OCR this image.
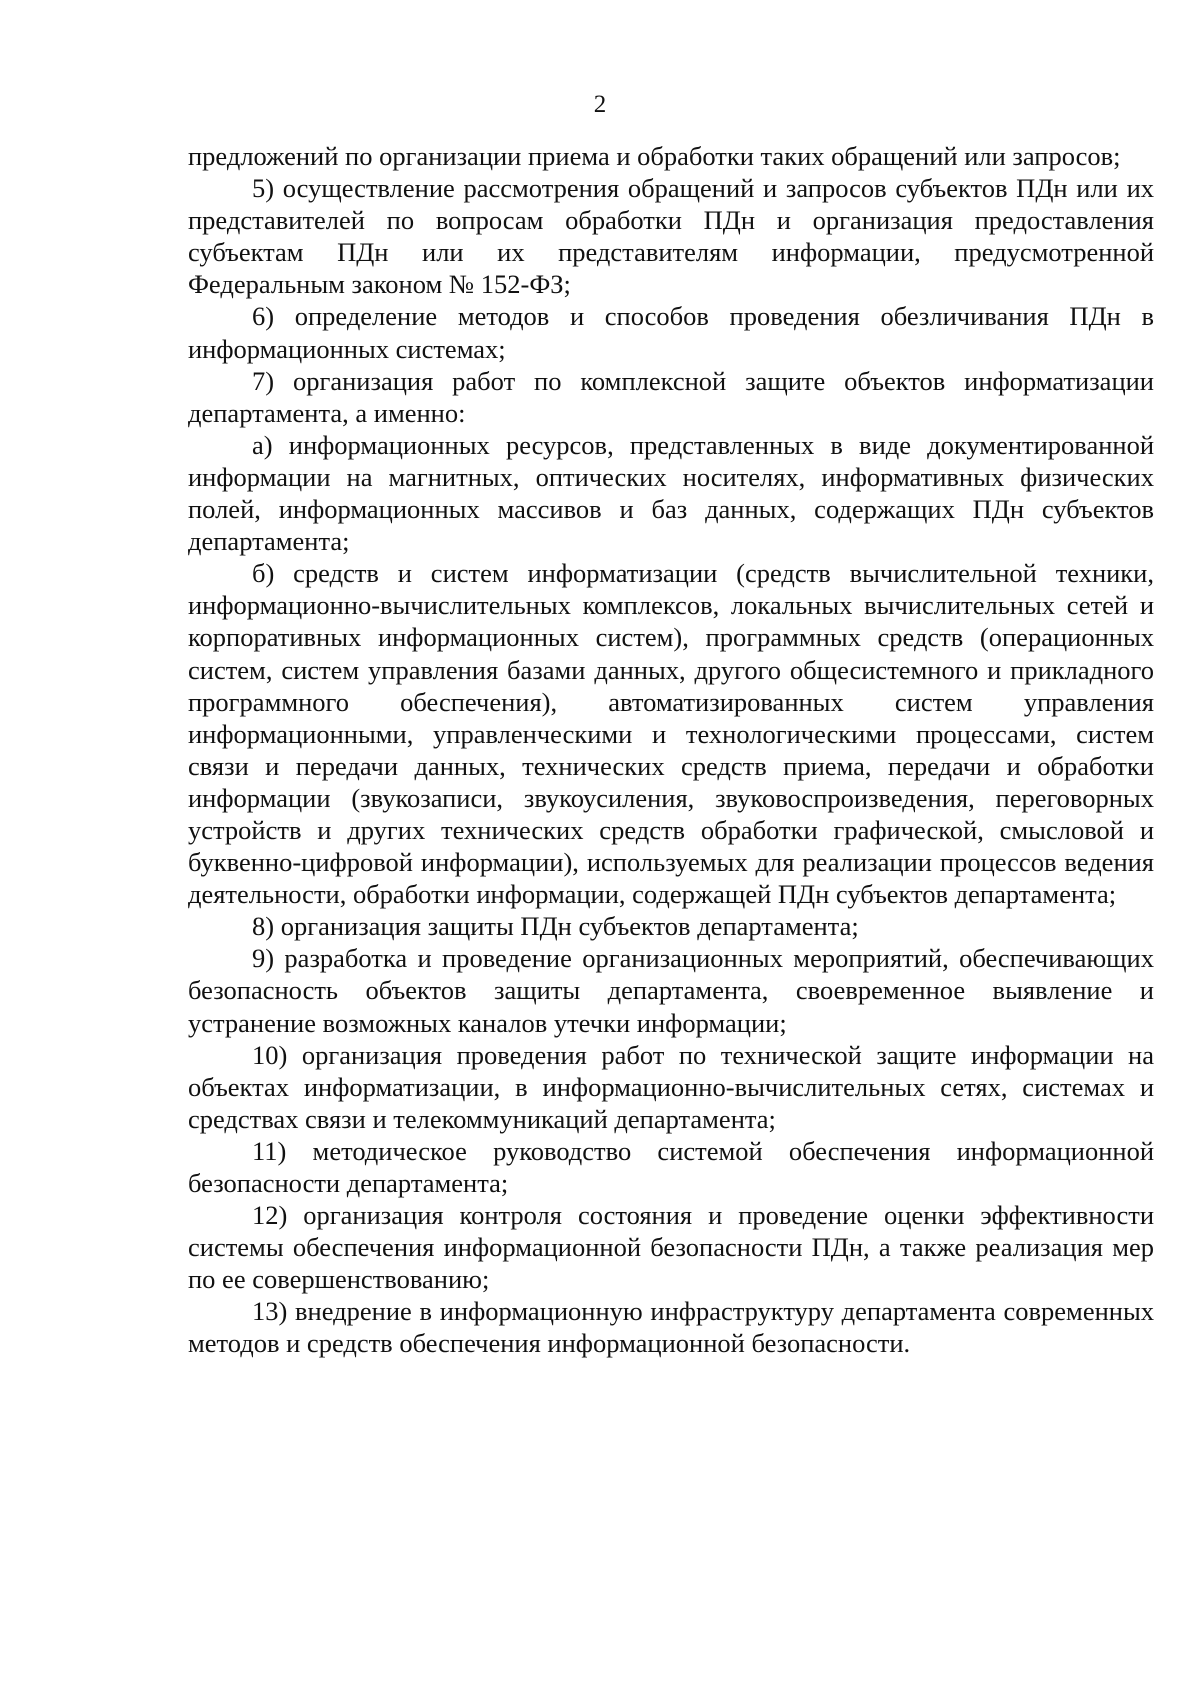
2

предложений по организации приема и обработки таких обращений или запросов;

5) осуществление рассмотрения обращений и запросов субъектов ПДн или их представителей по вопросам обработки ПДн и организация предоставления субъектам ПДн или их представителям информации, предусмотренной Федеральным законом № 152-ФЗ;

6) определение методов и способов проведения обезличивания ПДн в информационных системах;

7) организация работ по комплексной защите объектов информатизации департамента, а именно:

а) информационных ресурсов, представленных в виде документированной информации на магнитных, оптических носителях, информативных физических полей, информационных массивов и баз данных, содержащих ПДн субъектов департамента;

б) средств и систем информатизации (средств вычислительной техники, информационно-вычислительных комплексов, локальных вычислительных сетей и корпоративных информационных систем), программных средств (операционных систем, систем управления базами данных, другого общесистемного и прикладного программного обеспечения), автоматизированных систем управления информационными, управленческими и технологическими процессами, систем связи и передачи данных, технических средств приема, передачи и обработки информации (звукозаписи, звукоусиления, звуковоспроизведения, переговорных устройств и других технических средств обработки графической, смысловой и буквенно-цифровой информации), используемых для реализации процессов ведения деятельности, обработки информации, содержащей ПДн субъектов департамента;

8) организация защиты ПДн субъектов департамента;

9) разработка и проведение организационных мероприятий, обеспечивающих безопасность объектов защиты департамента, своевременное выявление и устранение возможных каналов утечки информации;

10) организация проведения работ по технической защите информации на объектах информатизации, в информационно-вычислительных сетях, системах и средствах связи и телекоммуникаций департамента;

11) методическое руководство системой обеспечения информационной безопасности департамента;

12) организация контроля состояния и проведение оценки эффективности системы обеспечения информационной безопасности ПДн, а также реализация мер по ее совершенствованию;

13) внедрение в информационную инфраструктуру департамента современных методов и средств обеспечения информационной безопасности.
